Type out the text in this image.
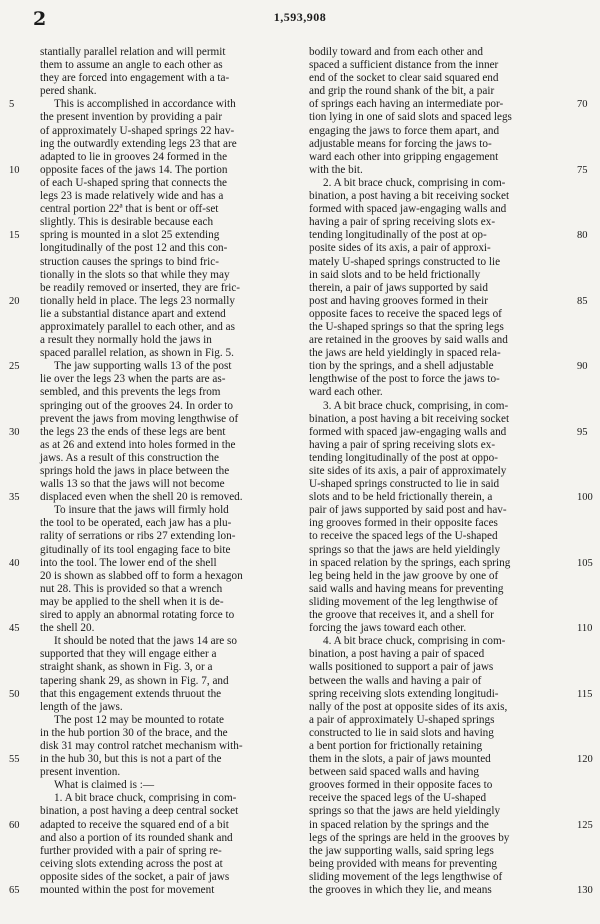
2	1,593,908
stantially parallel relation and will permit
them to assume an angle to each other as
they are forced into engagement with a ta-
pered shank.
This is accomplished in accordance with
the present invention by providing a pair
of approximately U-shaped springs 22 hav-
ing the outwardly extending legs 23 that are
adapted to lie in grooves 24 formed in the
opposite faces of the jaws 14. The portion
of each U-shaped spring that connects the
legs 23 is made relatively wide and has a
central portion 22ª that is bent or off-set
slightly. This is desirable because each
spring is mounted in a slot 25 extending
longitudinally of the post 12 and this con-
struction causes the springs to bind fric-
tionally in the slots so that while they may
be readily removed or inserted, they are fric-
tionally held in place. The legs 23 normally
lie a substantial distance apart and extend
approximately parallel to each other, and as
a result they normally hold the jaws in
spaced parallel relation, as shown in Fig. 5.
The jaw supporting walls 13 of the post
lie over the legs 23 when the parts are as-
sembled, and this prevents the legs from
springing out of the grooves 24. In order to
prevent the jaws from moving lengthwise of
the legs 23 the ends of these legs are bent
as at 26 and extend into holes formed in the
jaws. As a result of this construction the
springs hold the jaws in place between the
walls 13 so that the jaws will not become
displaced even when the shell 20 is removed.
To insure that the jaws will firmly hold
the tool to be operated, each jaw has a plu-
rality of serrations or ribs 27 extending lon-
gitudinally of its tool engaging face to bite
into the tool. The lower end of the shell
20 is shown as slabbed off to form a hexagon
nut 28. This is provided so that a wrench
may be applied to the shell when it is de-
sired to apply an abnormal rotating force to
the shell 20.
It should be noted that the jaws 14 are so
supported that they will engage either a
straight shank, as shown in Fig. 3, or a
tapering shank 29, as shown in Fig. 7, and
that this engagement extends thruout the
length of the jaws.
The post 12 may be mounted to rotate
in the hub portion 30 of the brace, and the
disk 31 may control ratchet mechanism with-
in the hub 30, but this is not a part of the
present invention.
What is claimed is :—
1. A bit brace chuck, comprising in com-
bination, a post having a deep central socket
adapted to receive the squared end of a bit
and also a portion of its rounded shank and
further provided with a pair of spring re-
ceiving slots extending across the post at
opposite sides of the socket, a pair of jaws
mounted within the post for movement
bodily toward and from each other and
spaced a sufficient distance from the inner
end of the socket to clear said squared end
and grip the round shank of the bit, a pair
of springs each having an intermediate por-
tion lying in one of said slots and spaced legs
engaging the jaws to force them apart, and
adjustable means for forcing the jaws to-
ward each other into gripping engagement
with the bit.
2. A bit brace chuck, comprising in com-
bination, a post having a bit receiving socket
formed with spaced jaw-engaging walls and
having a pair of spring receiving slots ex-
tending longitudinally of the post at op-
posite sides of its axis, a pair of approxi-
mately U-shaped springs constructed to lie
in said slots and to be held frictionally
therein, a pair of jaws supported by said
post and having grooves formed in their
opposite faces to receive the spaced legs of
the U-shaped springs so that the spring legs
are retained in the grooves by said walls and
the jaws are held yieldingly in spaced rela-
tion by the springs, and a shell adjustable
lengthwise of the post to force the jaws to-
ward each other.
3. A bit brace chuck, comprising, in com-
bination, a post having a bit receiving socket
formed with spaced jaw-engaging walls and
having a pair of spring receiving slots ex-
tending longitudinally of the post at oppo-
site sides of its axis, a pair of approximately
U-shaped springs constructed to lie in said
slots and to be held frictionally therein, a
pair of jaws supported by said post and hav-
ing grooves formed in their opposite faces
to receive the spaced legs of the U-shaped
springs so that the jaws are held yieldingly
in spaced relation by the springs, each spring
leg being held in the jaw groove by one of
said walls and having means for preventing
sliding movement of the leg lengthwise of
the groove that receives it, and a shell for
forcing the jaws toward each other.
4. A bit brace chuck, comprising in com-
bination, a post having a pair of spaced
walls positioned to support a pair of jaws
between the walls and having a pair of
spring receiving slots extending longitudi-
nally of the post at opposite sides of its axis,
a pair of approximately U-shaped springs
constructed to lie in said slots and having
a bent portion for frictionally retaining
them in the slots, a pair of jaws mounted
between said spaced walls and having
grooves formed in their opposite faces to
receive the spaced legs of the U-shaped
springs so that the jaws are held yieldingly
in spaced relation by the springs and the
legs of the springs are held in the grooves by
the jaw supporting walls, said spring legs
being provided with means for preventing
sliding movement of the legs lengthwise of
the grooves in which they lie, and means
5
10
15
20
25
30
35
40
45
50
55
60
65
70
75
80
85
90
95
100
105
110
115
120
125
130
